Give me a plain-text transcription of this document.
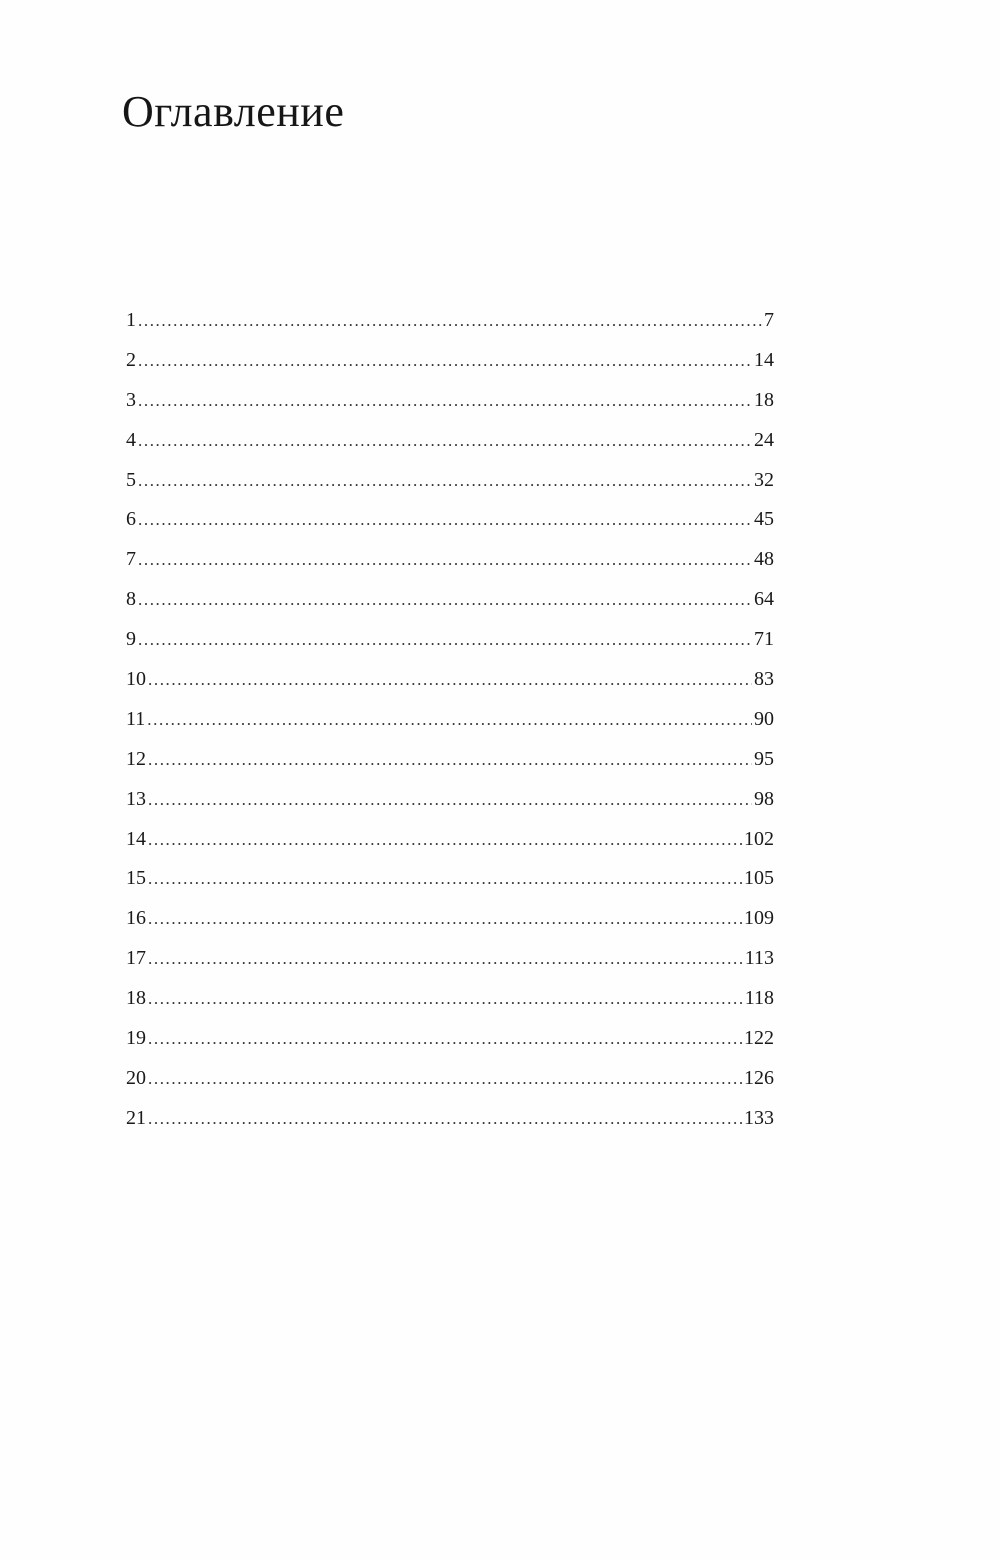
Оглавление
1 .....	7
2 .....	14
3 .....	18
4 .....	24
5 .....	32
6 .....	45
7 .....	48
8 .....	64
9 .....	71
10 .....	83
11 .....	90
12 .....	95
13 .....	98
14 .....	102
15 .....	105
16 .....	109
17 .....	113
18 .....	118
19 .....	122
20 .....	126
21 .....	133
